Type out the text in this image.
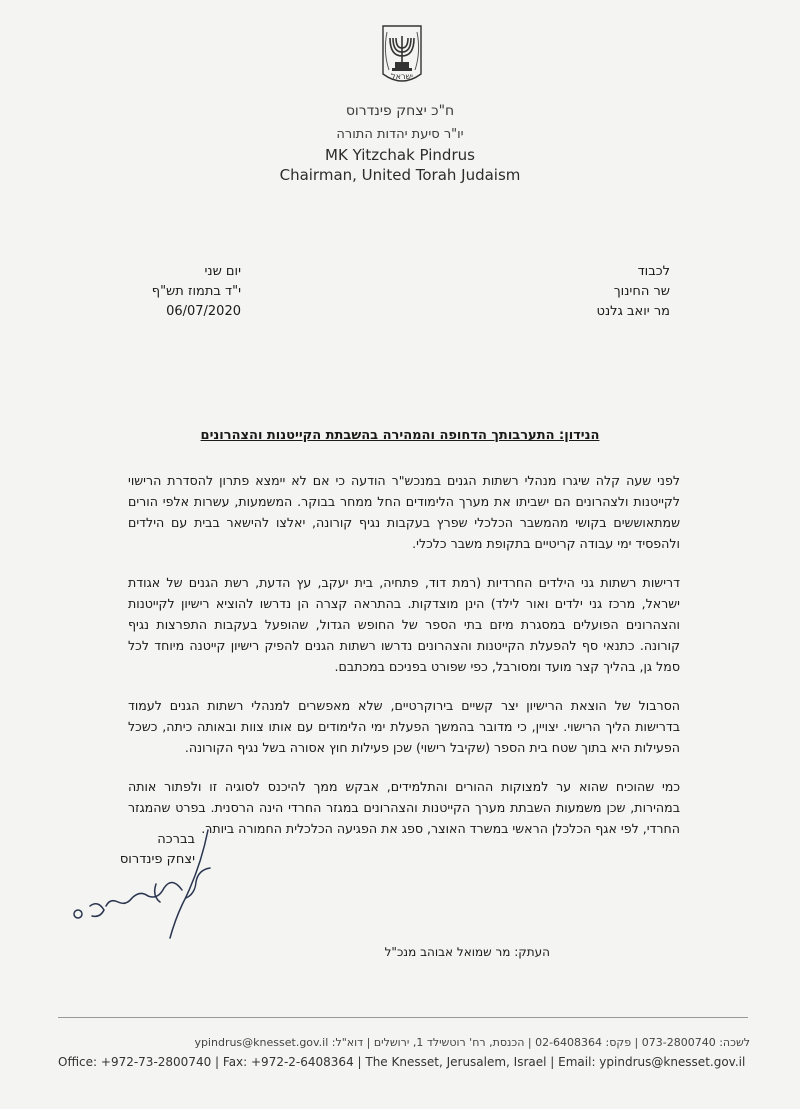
ישראל
ח"כ יצחק פינדרוס
יו"ר סיעת יהדות התורה
MK Yitzchak Pindrus
Chairman, United Torah Judaism
לכבוד
שר החינוך
מר יואב גלנט
יום שני
י"ד בתמוז תש"ף
06/07/2020
הנידון: התערבותך הדחופה והמהירה בהשבתת הקייטנות והצהרונים

לפני שעה קלה שיגרו מנהלי רשתות הגנים במנכש"ר הודעה כי אם לא יימצא פתרון להסדרת הרישוי לקייטנות ולצהרונים הם ישביתו את מערך הלימודים החל ממחר בבוקר. המשמעות, עשרות אלפי הורים שמתאוששים בקושי מהמשבר הכלכלי שפרץ בעקבות נגיף קורונה, יאלצו להישאר בבית עם הילדים ולהפסיד ימי עבודה קריטיים בתקופת משבר כלכלי.

דרישות רשתות גני הילדים החרדיות (רמת דוד, פתחיה, בית יעקב, עץ הדעת, רשת הגנים של אגודת ישראל, מרכז גני ילדים ואור לילד) הינן מוצדקות. בהתראה קצרה הן נדרשו להוציא רישיון לקייטנות והצהרונים הפועלים במסגרת מיזם בתי הספר של החופש הגדול, שהופעל בעקבות התפרצות נגיף קורונה. כתנאי סף להפעלת הקייטנות והצהרונים נדרשו רשתות הגנים להפיק רישיון קייטנה מיוחד לכל סמל גן, בהליך קצר מועד ומסורבל, כפי שפורט בפניכם במכתבם.

הסרבול של הוצאת הרישיון יצר קשיים בירוקרטיים, שלא מאפשרים למנהלי רשתות הגנים לעמוד בדרישות הליך הרישוי. יצויין, כי מדובר בהמשך הפעלת ימי הלימודים עם אותו צוות ובאותה כיתה, כשכל הפעילות היא בתוך שטח בית הספר (שקיבל רישוי) שכן פעילות חוץ אסורה בשל נגיף הקורונה.

כמי שהוכיח שהוא ער למצוקות ההורים והתלמידים, אבקש ממך להיכנס לסוגיה זו ולפתור אותה במהירות, שכן משמעות השבתת מערך הקייטנות והצהרונים במגזר החרדי הינה הרסנית. בפרט שהמגזר החרדי, לפי אגף הכלכלן הראשי במשרד האוצר, ספג את הפגיעה הכלכלית החמורה ביותר.

בברכה
יצחק פינדרוס
העתק: מר שמואל אבוהב מנכ"ל
לשכה: 073-2800740 | פקס: 02-6408364 | הכנסת, רח' רוטשילד 1, ירושלים | דוא"ל: ypindrus@knesset.gov.il
Office: +972-73-2800740 | Fax: +972-2-6408364 | The Knesset, Jerusalem, Israel | Email: ypindrus@knesset.gov.il
